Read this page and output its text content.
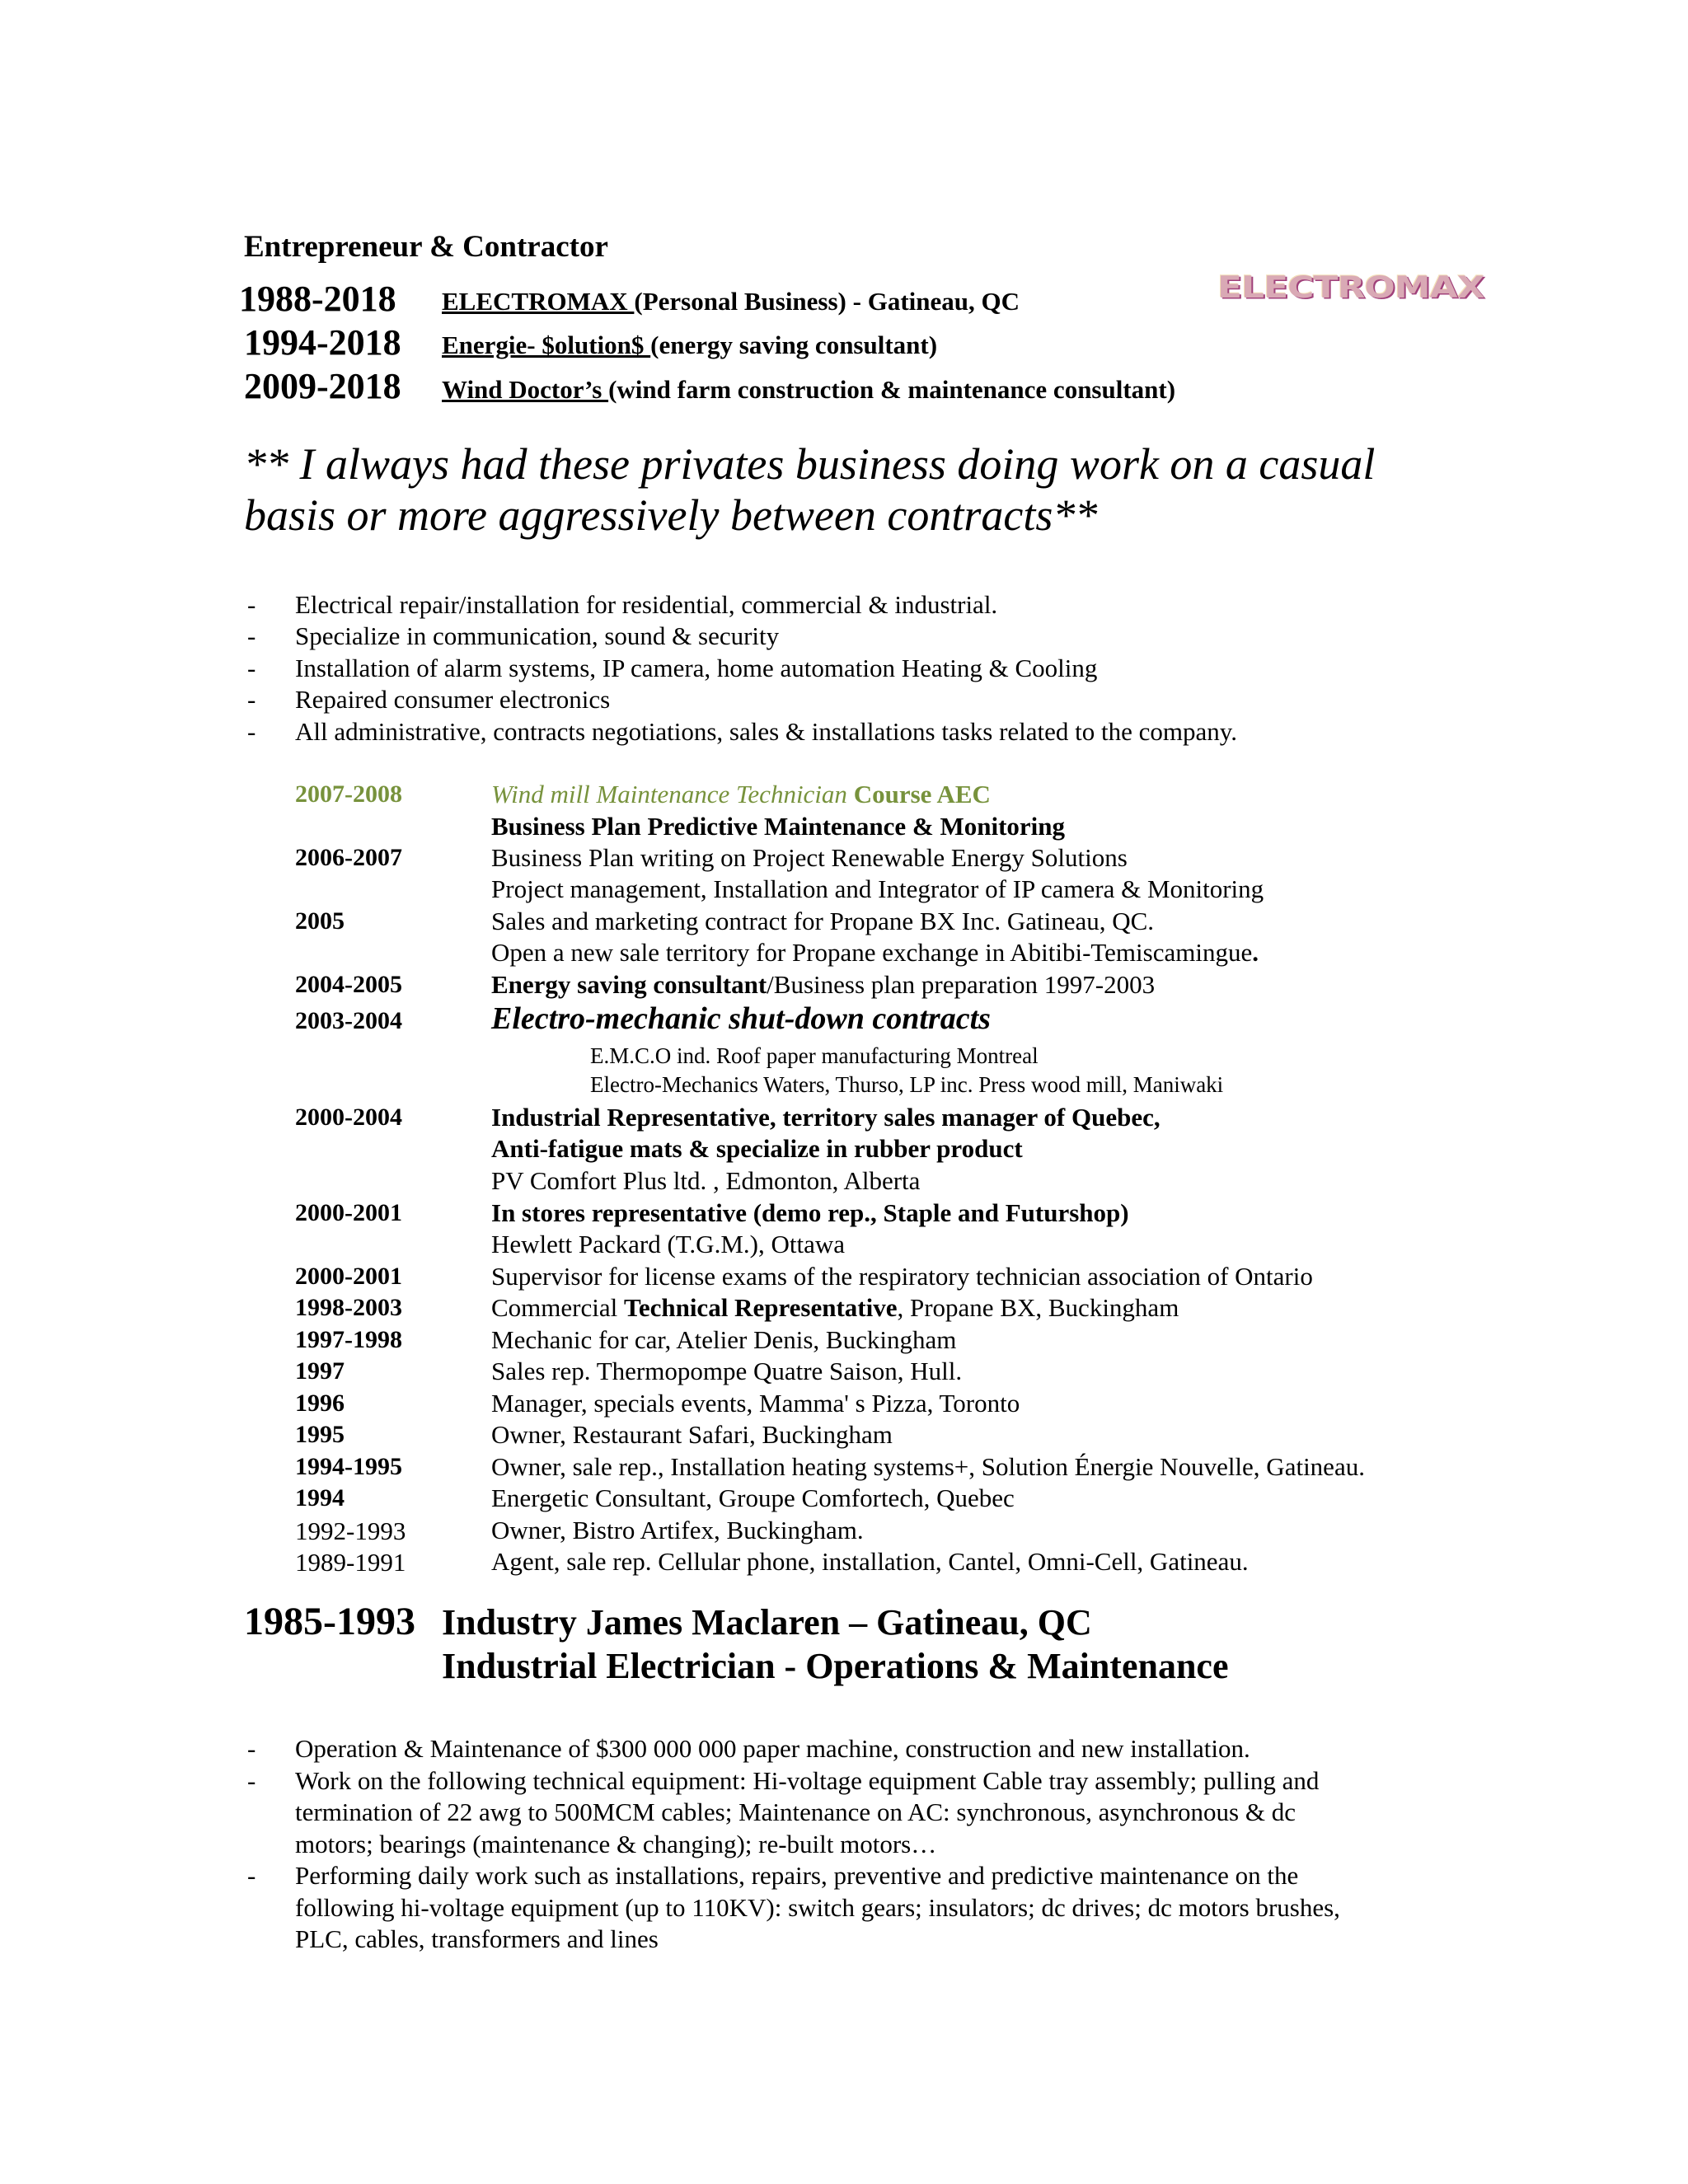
Entrepreneur & Contractor
1988-2018 ELECTROMAX (Personal Business) - Gatineau, QC	ELECTROMAX
1994-2018 Energie- $olution$ (energy saving consultant)
2009-2018 Wind Doctor’s (wind farm construction & maintenance consultant)
** I always had these privates business doing work on a casual
basis or more aggressively between contracts**
- Electrical repair/installation for residential, commercial & industrial.
- Specialize in communication, sound & security
- Installation of alarm systems, IP camera, home automation Heating & Cooling
- Repaired consumer electronics
- All administrative, contracts negotiations, sales & installations tasks related to the company.
2007-2008	Wind mill Maintenance Technician Course AEC
Business Plan Predictive Maintenance & Monitoring
2006-2007	Business Plan writing on Project Renewable Energy Solutions
Project management, Installation and Integrator of IP camera & Monitoring
2005	Sales and marketing contract for Propane BX Inc. Gatineau, QC.
Open a new sale territory for Propane exchange in Abitibi-Temiscamingue.
2004-2005	Energy saving consultant/Business plan preparation 1997-2003
2003-2004	Electro-mechanic shut-down contracts
E.M.C.O ind. Roof paper manufacturing Montreal
Electro-Mechanics Waters, Thurso, LP inc. Press wood mill, Maniwaki
2000-2004	Industrial Representative, territory sales manager of Quebec,
Anti-fatigue mats & specialize in rubber product
PV Comfort Plus ltd. , Edmonton, Alberta
2000-2001	In stores representative (demo rep., Staple and Futurshop)
Hewlett Packard (T.G.M.), Ottawa
2000-2001	Supervisor for license exams of the respiratory technician association of Ontario
1998-2003	Commercial Technical Representative, Propane BX, Buckingham
1997-1998	Mechanic for car, Atelier Denis, Buckingham
1997	Sales rep. Thermopompe Quatre Saison, Hull.
1996	Manager, specials events, Mamma' s Pizza, Toronto
1995	Owner, Restaurant Safari, Buckingham
1994-1995	Owner, sale rep., Installation heating systems+, Solution Énergie Nouvelle, Gatineau.
1994	Energetic Consultant, Groupe Comfortech, Quebec
1992-1993	Owner, Bistro Artifex, Buckingham.
1989-1991	Agent, sale rep. Cellular phone, installation, Cantel, Omni-Cell, Gatineau.
1985-1993 Industry James Maclaren – Gatineau, QC
Industrial Electrician - Operations & Maintenance
- Operation & Maintenance of $300 000 000 paper machine, construction and new installation.
- Work on the following technical equipment: Hi-voltage equipment Cable tray assembly; pulling and
termination of 22 awg to 500MCM cables; Maintenance on AC: synchronous, asynchronous & dc
motors; bearings (maintenance & changing); re-built motors…
- Performing daily work such as installations, repairs, preventive and predictive maintenance on the
following hi-voltage equipment (up to 110KV): switch gears; insulators; dc drives; dc motors brushes,
PLC, cables, transformers and lines
